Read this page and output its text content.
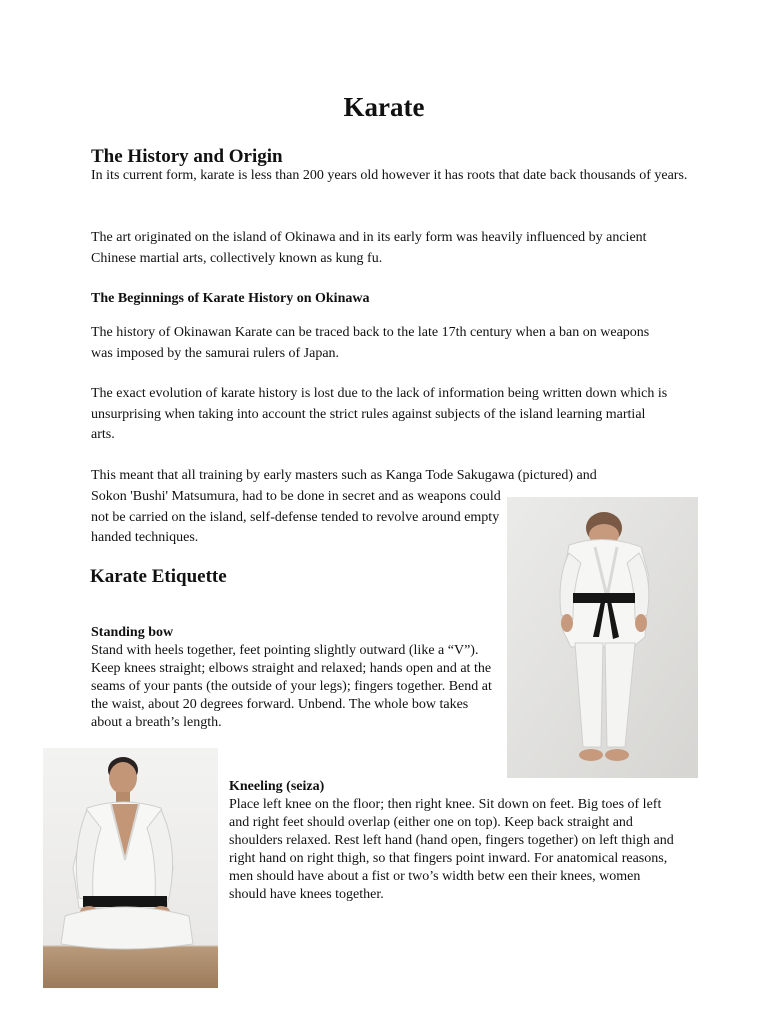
Karate
The History and Origin
In its current form, karate is less than 200 years old however it has roots that date back thousands of years.
The art originated on the island of Okinawa and in its early form was heavily influenced by ancient Chinese martial arts, collectively known as kung fu.
The Beginnings of Karate History on Okinawa
The history of Okinawan Karate can be traced back to the late 17th century when a ban on weapons was imposed by the samurai rulers of Japan.
The exact evolution of karate history is lost due to the lack of information being written down which is unsurprising when taking into account the strict rules against subjects of the island learning martial arts.
This meant that all training by early masters such as Kanga Tode Sakugawa (pictured) and
Sokon 'Bushi' Matsumura, had to be done in secret and as weapons could not be carried on the island, self-defense tended to revolve around empty handed techniques.
Karate Etiquette
Standing bow
Stand with heels together, feet pointing slightly outward (like a “V”). Keep knees straight; elbows straight and relaxed; hands open and at the seams of your pants (the outside of your legs); fingers together. Bend at the waist, about 20 degrees forward. Unbend. The whole bow takes about a breath’s length.
Kneeling (seiza)
Place left knee on the floor; then right knee. Sit down on feet. Big toes of left and right feet should overlap (either one on top). Keep back straight and shoulders relaxed. Rest left hand (hand open, fingers together) on left thigh and right hand on right thigh, so that fingers point inward. For anatomical reasons, men should have about a fist or two’s width betw een their knees, women should have knees together.
